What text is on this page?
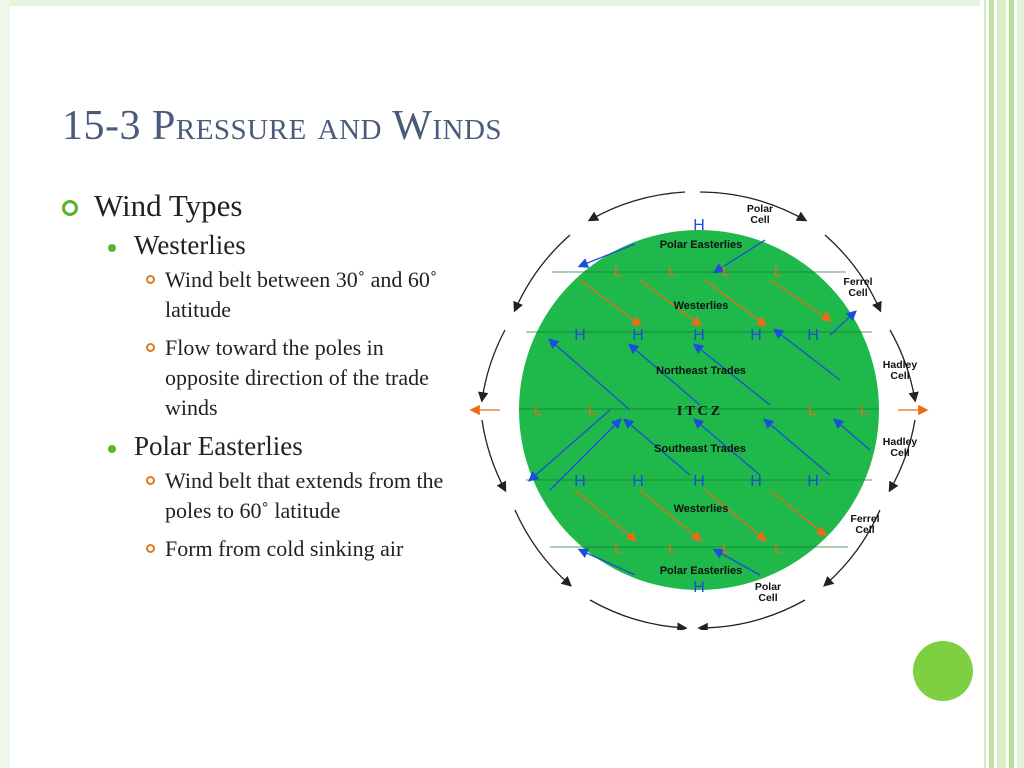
15-3 Pressure and Winds
Wind Types
Westerlies
Wind belt between 30˚ and 60˚ latitude
Flow toward the poles in opposite direction of the trade winds
Polar Easterlies
Wind belt that extends from the poles to 60˚ latitude
Form from cold sinking air
H
H	H	H	H	H
H	H	H	H	H
H
L	L	L	L
L	L	L	L
L	L	L	L
Polar Easterlies
Westerlies
Northeast Trades
ITCZ
Southeast Trades
Westerlies
Polar Easterlies
Polar Cell
Ferrel Cell
Hadley Cell
Hadley Cell
Ferrel Cell
Polar Cell
